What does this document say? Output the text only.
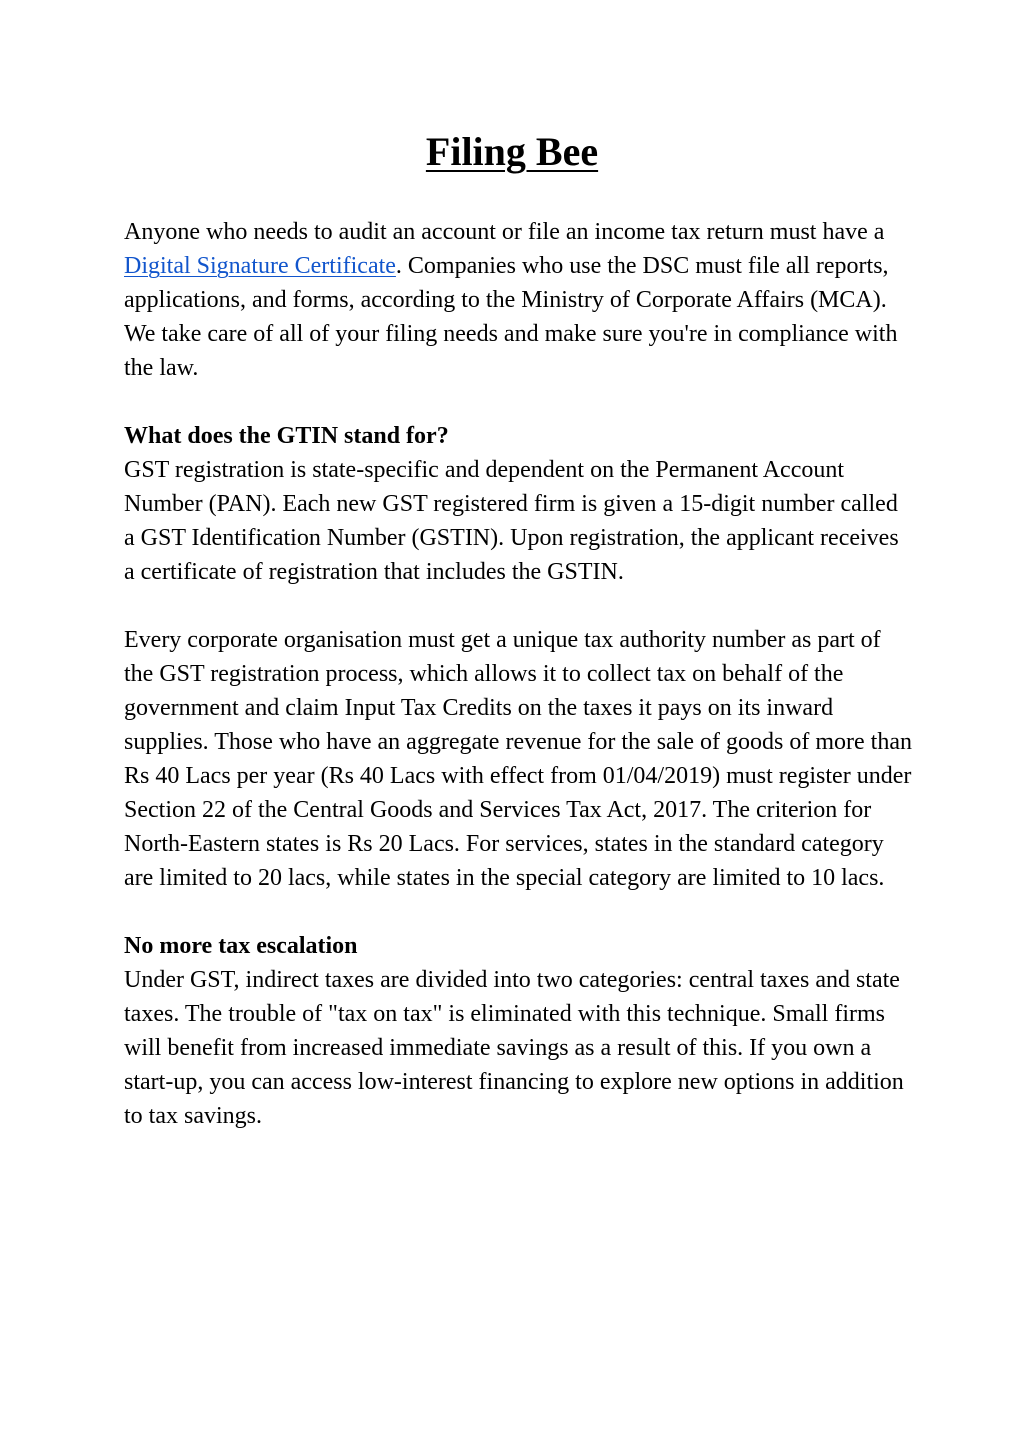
Filing Bee

Anyone who needs to audit an account or file an income tax return must have a Digital Signature Certificate. Companies who use the DSC must file all reports, applications, and forms, according to the Ministry of Corporate Affairs (MCA). We take care of all of your filing needs and make sure you're in compliance with the law.

What does the GTIN stand for?
GST registration is state-specific and dependent on the Permanent Account Number (PAN). Each new GST registered firm is given a 15-digit number called a GST Identification Number (GSTIN). Upon registration, the applicant receives a certificate of registration that includes the GSTIN.

Every corporate organisation must get a unique tax authority number as part of the GST registration process, which allows it to collect tax on behalf of the government and claim Input Tax Credits on the taxes it pays on its inward supplies. Those who have an aggregate revenue for the sale of goods of more than Rs 40 Lacs per year (Rs 40 Lacs with effect from 01/04/2019) must register under Section 22 of the Central Goods and Services Tax Act, 2017. The criterion for North-Eastern states is Rs 20 Lacs. For services, states in the standard category are limited to 20 lacs, while states in the special category are limited to 10 lacs.

No more tax escalation
Under GST, indirect taxes are divided into two categories: central taxes and state taxes. The trouble of "tax on tax" is eliminated with this technique. Small firms will benefit from increased immediate savings as a result of this. If you own a start-up, you can access low-interest financing to explore new options in addition to tax savings.
